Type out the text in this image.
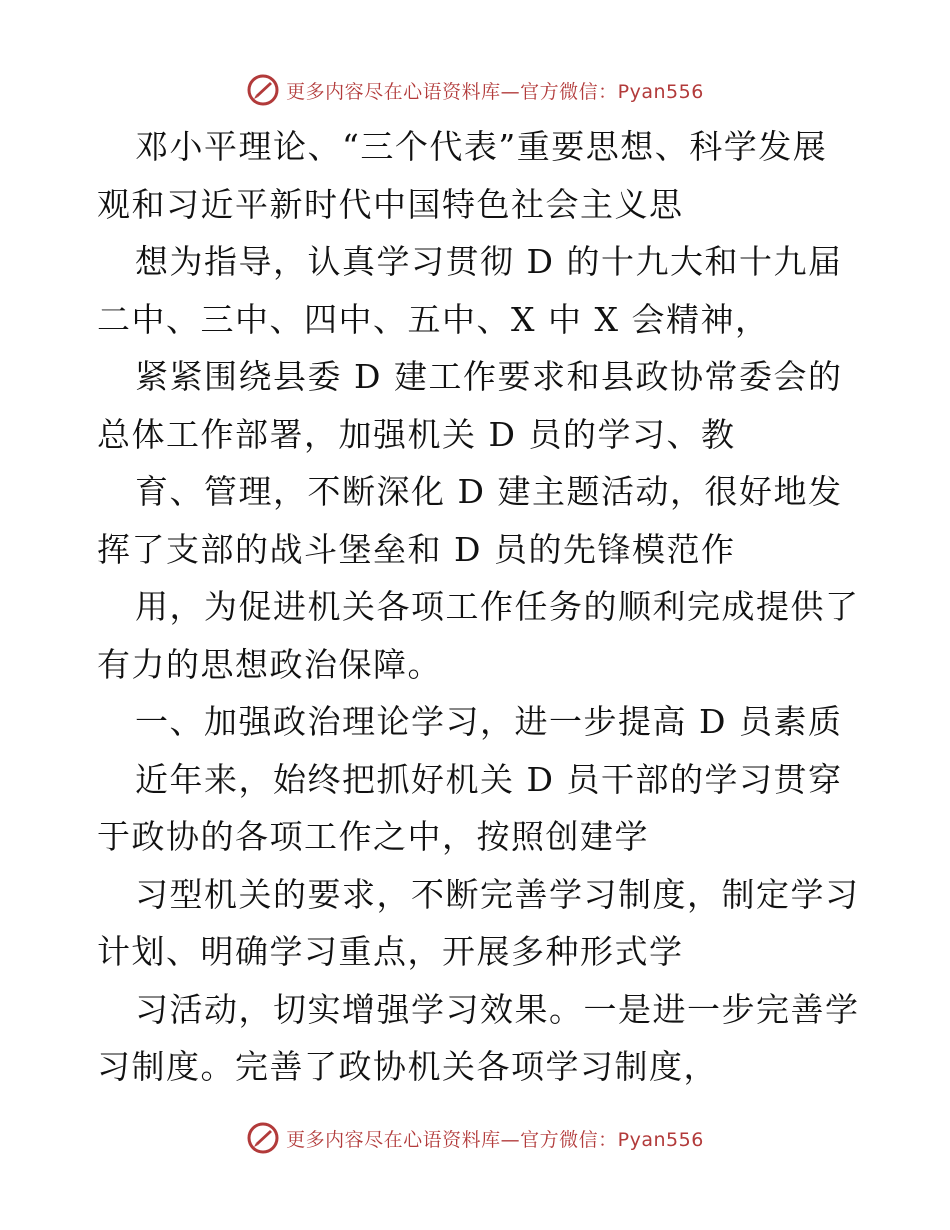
更多内容尽在心语资料库—官方微信：Pyan556
邓小平理论、“三个代表”重要思想、科学发展
观和习近平新时代中国特色社会主义思
想为指导，认真学习贯彻 D 的十九大和十九届
二中、三中、四中、五中、X 中 X 会精神，
紧紧围绕县委 D 建工作要求和县政协常委会的
总体工作部署，加强机关 D 员的学习、教
育、管理，不断深化 D 建主题活动，很好地发
挥了支部的战斗堡垒和 D 员的先锋模范作
用，为促进机关各项工作任务的顺利完成提供了
有力的思想政治保障。
一、加强政治理论学习，进一步提高 D 员素质
近年来，始终把抓好机关 D 员干部的学习贯穿
于政协的各项工作之中，按照创建学
习型机关的要求，不断完善学习制度，制定学习
计划、明确学习重点，开展多种形式学
习活动，切实增强学习效果。一是进一步完善学
习制度。完善了政协机关各项学习制度，
更多内容尽在心语资料库—官方微信：Pyan556
